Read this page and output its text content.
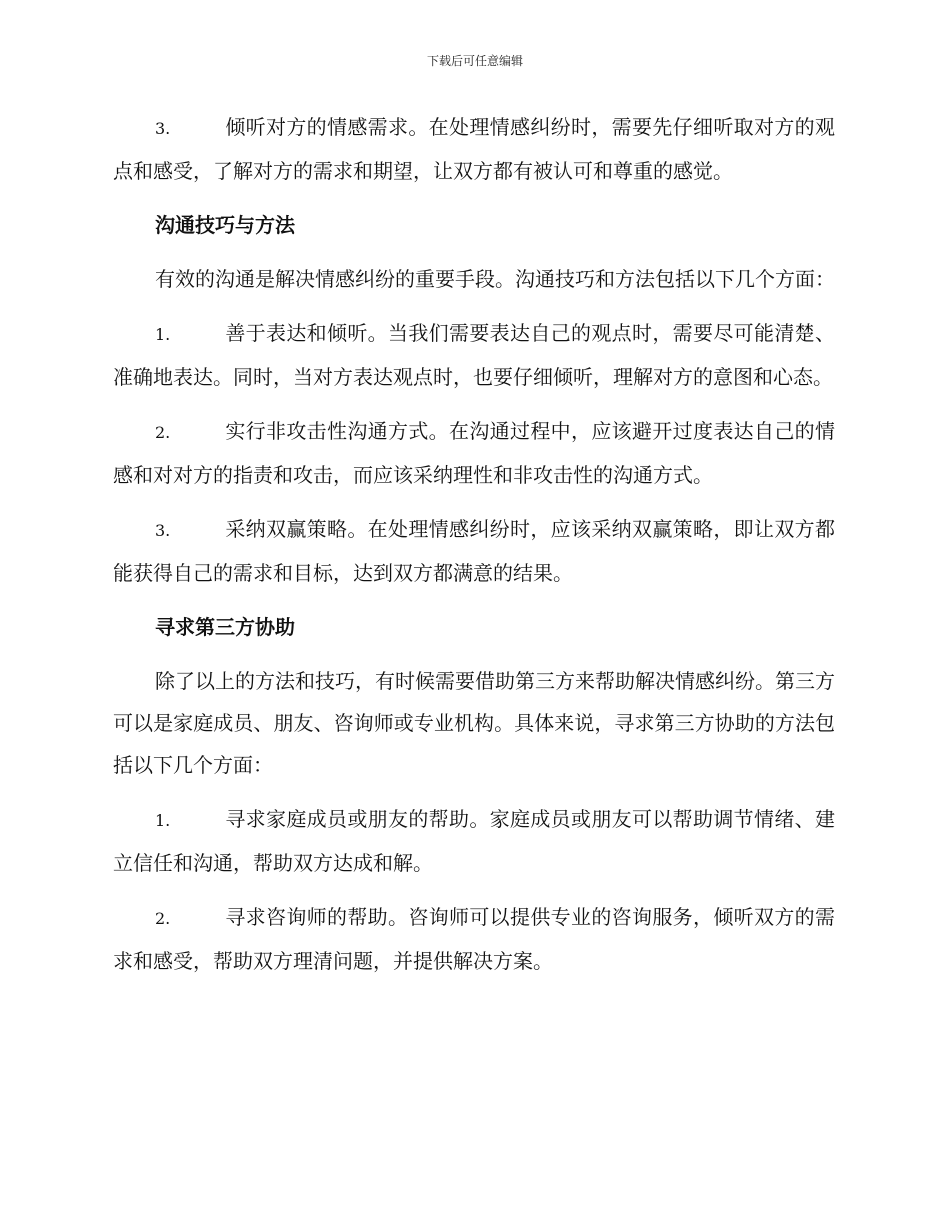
下载后可任意编辑

3.	倾听对方的情感需求。在处理情感纠纷时，需要先仔细听取对方的观点和感受，了解对方的需求和期望，让双方都有被认可和尊重的感觉。

沟通技巧与方法

有效的沟通是解决情感纠纷的重要手段。沟通技巧和方法包括以下几个方面：

1.	善于表达和倾听。当我们需要表达自己的观点时，需要尽可能清楚、准确地表达。同时，当对方表达观点时，也要仔细倾听，理解对方的意图和心态。

2.	实行非攻击性沟通方式。在沟通过程中，应该避开过度表达自己的情感和对对方的指责和攻击，而应该采纳理性和非攻击性的沟通方式。

3.	采纳双赢策略。在处理情感纠纷时，应该采纳双赢策略，即让双方都能获得自己的需求和目标，达到双方都满意的结果。

寻求第三方协助

除了以上的方法和技巧，有时候需要借助第三方来帮助解决情感纠纷。第三方可以是家庭成员、朋友、咨询师或专业机构。具体来说，寻求第三方协助的方法包括以下几个方面：

1.	寻求家庭成员或朋友的帮助。家庭成员或朋友可以帮助调节情绪、建立信任和沟通，帮助双方达成和解。

2.	寻求咨询师的帮助。咨询师可以提供专业的咨询服务，倾听双方的需求和感受，帮助双方理清问题，并提供解决方案。
